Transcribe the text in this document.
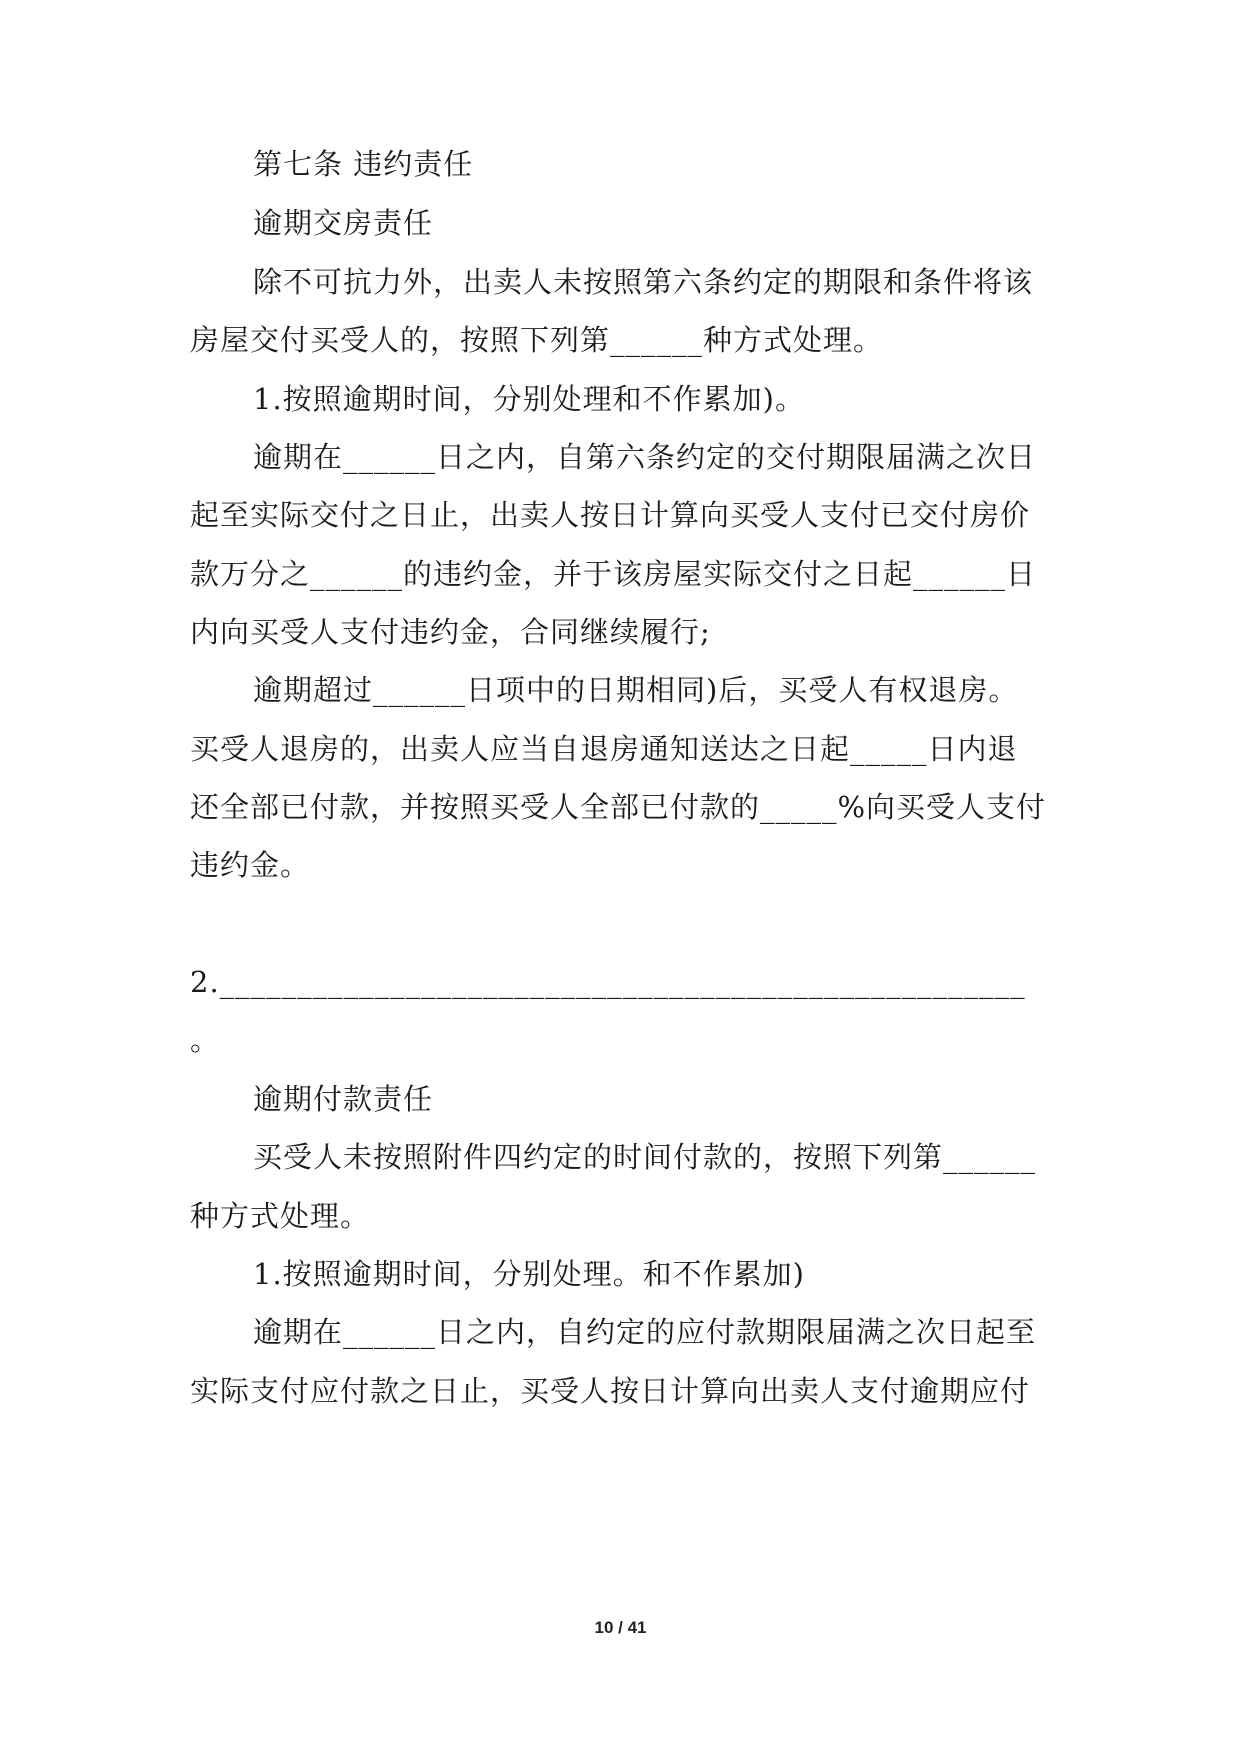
第七条 违约责任
逾期交房责任
除不可抗力外，出卖人未按照第六条约定的期限和条件将该
房屋交付买受人的，按照下列第______种方式处理。
1.按照逾期时间，分别处理和不作累加)。
逾期在______日之内，自第六条约定的交付期限届满之次日
起至实际交付之日止，出卖人按日计算向买受人支付已交付房价
款万分之______的违约金，并于该房屋实际交付之日起______日
内向买受人支付违约金，合同继续履行;
逾期超过______日项中的日期相同)后，买受人有权退房。
买受人退房的，出卖人应当自退房通知送达之日起_____日内退
还全部已付款，并按照买受人全部已付款的_____%向买受人支付
违约金。
2.____________________________________________________
。
逾期付款责任
买受人未按照附件四约定的时间付款的，按照下列第______
种方式处理。
1.按照逾期时间，分别处理。和不作累加)
逾期在______日之内，自约定的应付款期限届满之次日起至
实际支付应付款之日止，买受人按日计算向出卖人支付逾期应付
10 / 41
